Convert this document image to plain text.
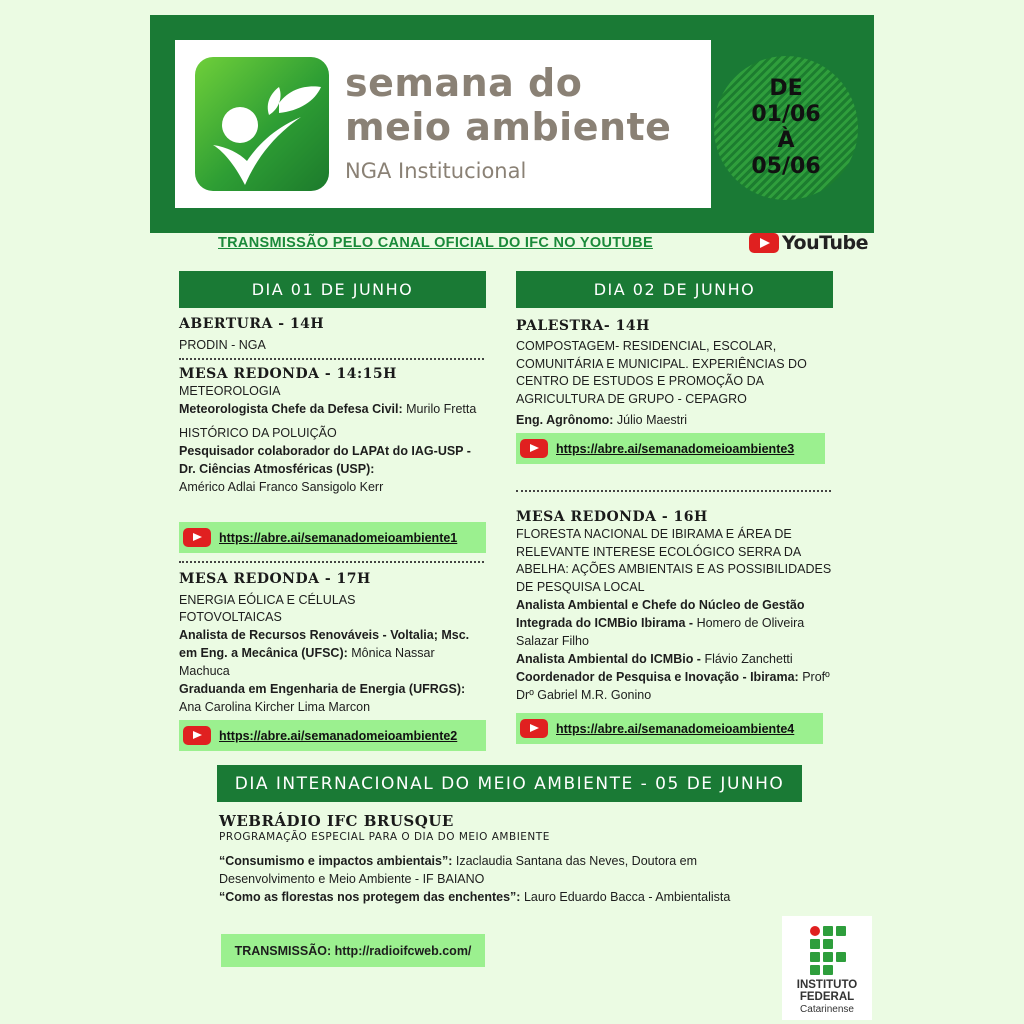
semana do
meio ambiente
NGA Institucional
DE
01/06
À
05/06
TRANSMISSÃO PELO CANAL OFICIAL DO IFC NO YOUTUBE	YouTube
DIA 01 DE JUNHO
ABERTURA - 14H
PRODIN - NGA
MESA REDONDA - 14:15H
METEOROLOGIA
Meteorologista Chefe da Defesa Civil: Murilo Fretta
HISTÓRICO DA POLUIÇÃO
Pesquisador colaborador do LAPAt do IAG-USP - Dr. Ciências Atmosféricas (USP):
Américo Adlai Franco Sansigolo Kerr
https://abre.ai/semanadomeioambiente1
MESA REDONDA - 17H
ENERGIA EÓLICA E CÉLULAS FOTOVOLTAICAS
Analista de Recursos Renováveis - Voltalia; Msc. em Eng. a Mecânica (UFSC): Mônica Nassar Machuca
Graduanda em Engenharia de Energia (UFRGS): Ana Carolina Kircher Lima Marcon
https://abre.ai/semanadomeioambiente2
DIA 02 DE JUNHO
PALESTRA- 14H
COMPOSTAGEM- RESIDENCIAL, ESCOLAR, COMUNITÁRIA E MUNICIPAL. EXPERIÊNCIAS DO CENTRO DE ESTUDOS E PROMOÇÃO DA AGRICULTURA DE GRUPO - CEPAGRO
Eng. Agrônomo: Júlio Maestri
https://abre.ai/semanadomeioambiente3
MESA REDONDA - 16H
FLORESTA NACIONAL DE IBIRAMA E ÁREA DE RELEVANTE INTERESE ECOLÓGICO SERRA DA ABELHA: AÇÕES AMBIENTAIS E AS POSSIBILIDADES DE PESQUISA LOCAL
Analista Ambiental e Chefe do Núcleo de Gestão Integrada do ICMBio Ibirama - Homero de Oliveira Salazar Filho
Analista Ambiental do ICMBio - Flávio Zanchetti
Coordenador de Pesquisa e Inovação - Ibirama: Profº Drº Gabriel M.R. Gonino
https://abre.ai/semanadomeioambiente4
DIA INTERNACIONAL DO MEIO AMBIENTE - 05 DE JUNHO
WEBRÁDIO IFC BRUSQUE
PROGRAMAÇÃO ESPECIAL PARA O DIA DO MEIO AMBIENTE
“Consumismo e impactos ambientais”: Izaclaudia Santana das Neves, Doutora em Desenvolvimento e Meio Ambiente - IF BAIANO
“Como as florestas nos protegem das enchentes”: Lauro Eduardo Bacca - Ambientalista
TRANSMISSÃO: http://radioifcweb.com/
INSTITUTO
FEDERAL
Catarinense
